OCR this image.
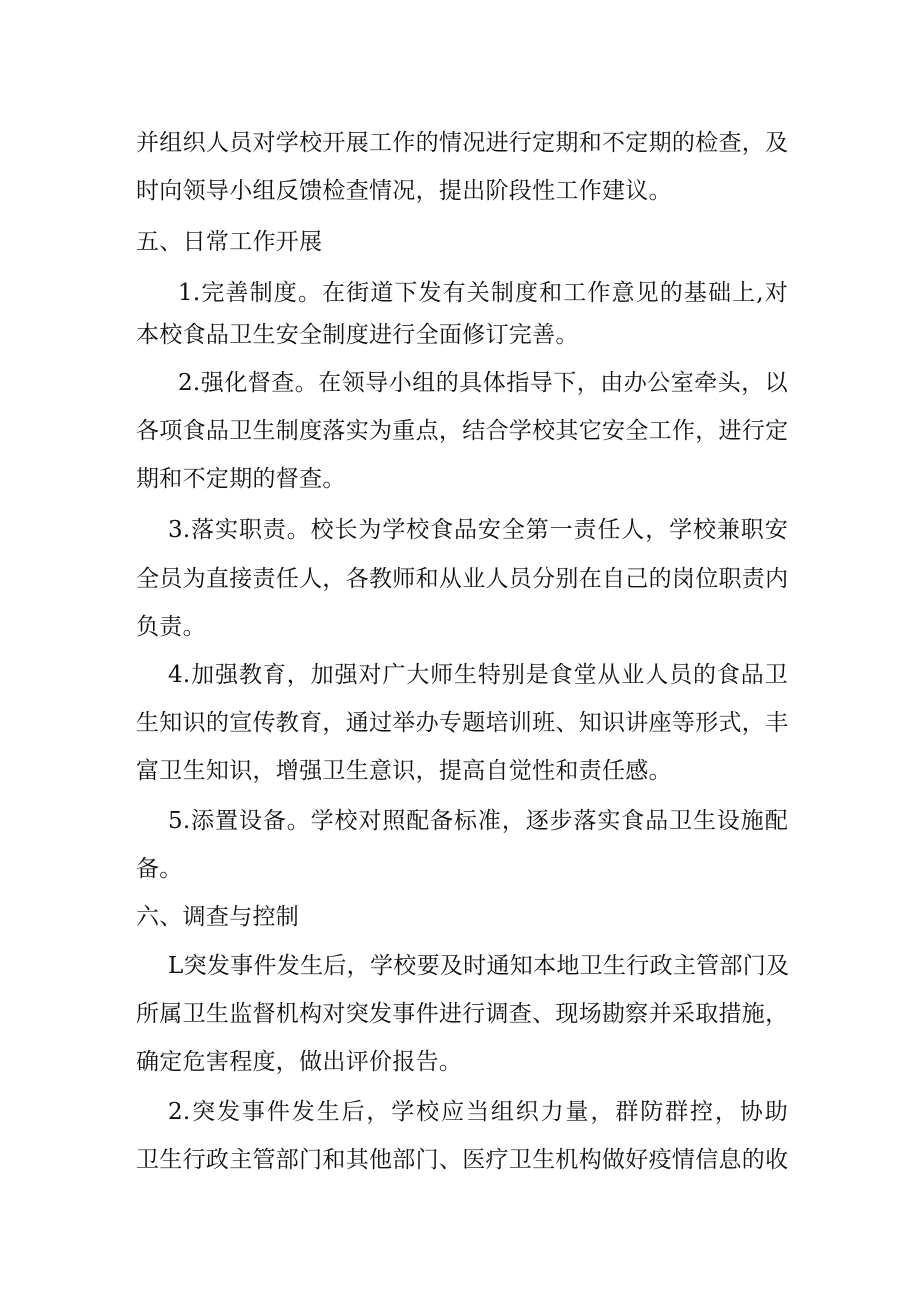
并组织人员对学校开展工作的情况进行定期和不定期的检查，及
时向领导小组反馈检查情况，提出阶段性工作建议。
五、日常工作开展
1.完善制度。在街道下发有关制度和工作意见的基础上,对
本校食品卫生安全制度进行全面修订完善。
2.强化督查。在领导小组的具体指导下，由办公室牵头，以
各项食品卫生制度落实为重点，结合学校其它安全工作，进行定
期和不定期的督查。
3.落实职责。校长为学校食品安全第一责任人，学校兼职安
全员为直接责任人，各教师和从业人员分别在自己的岗位职责内
负责。
4.加强教育，加强对广大师生特别是食堂从业人员的食品卫
生知识的宣传教育，通过举办专题培训班、知识讲座等形式，丰
富卫生知识，增强卫生意识，提高自觉性和责任感。
5.添置设备。学校对照配备标准，逐步落实食品卫生设施配
备。
六、调查与控制
L突发事件发生后，学校要及时通知本地卫生行政主管部门及
所属卫生监督机构对突发事件进行调查、现场勘察并采取措施，
确定危害程度，做出评价报告。
2.突发事件发生后，学校应当组织力量，群防群控，协助
卫生行政主管部门和其他部门、医疗卫生机构做好疫情信息的收
